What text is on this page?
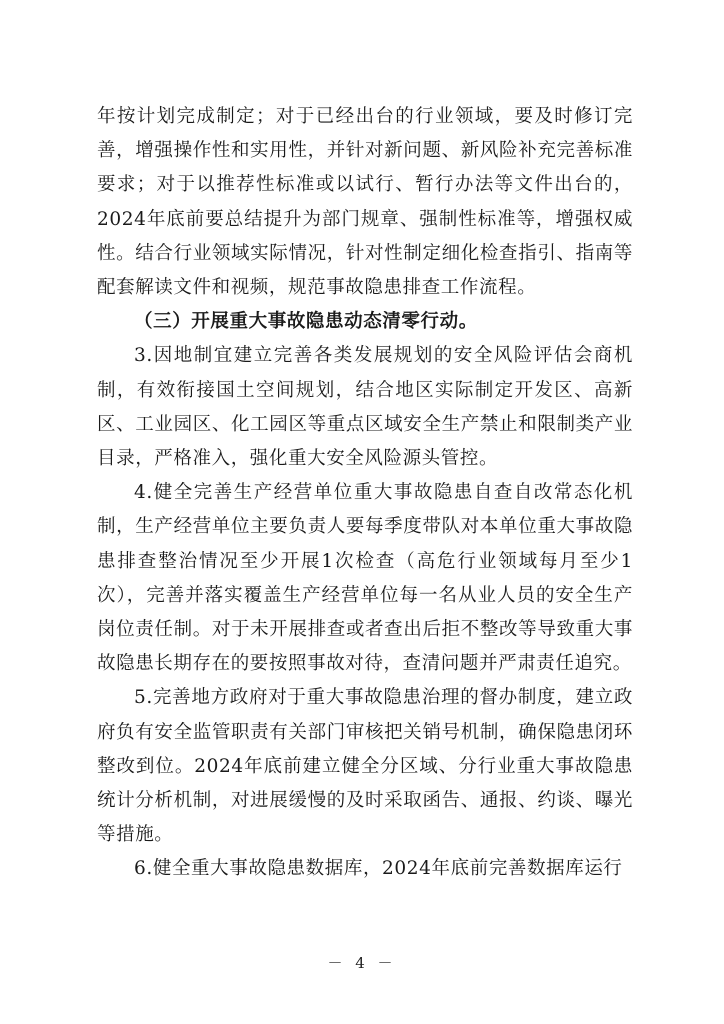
年按计划完成制定；对于已经出台的行业领域，要及时修订完善，增强操作性和实用性，并针对新问题、新风险补充完善标准要求；对于以推荐性标准或以试行、暂行办法等文件出台的，2024年底前要总结提升为部门规章、强制性标准等，增强权威性。结合行业领域实际情况，针对性制定细化检查指引、指南等配套解读文件和视频，规范事故隐患排查工作流程。

（三）开展重大事故隐患动态清零行动。

3.因地制宜建立完善各类发展规划的安全风险评估会商机制，有效衔接国土空间规划，结合地区实际制定开发区、高新区、工业园区、化工园区等重点区域安全生产禁止和限制类产业目录，严格准入，强化重大安全风险源头管控。

4.健全完善生产经营单位重大事故隐患自查自改常态化机制，生产经营单位主要负责人要每季度带队对本单位重大事故隐患排查整治情况至少开展1次检查（高危行业领域每月至少1次），完善并落实覆盖生产经营单位每一名从业人员的安全生产岗位责任制。对于未开展排查或者查出后拒不整改等导致重大事故隐患长期存在的要按照事故对待，查清问题并严肃责任追究。

5.完善地方政府对于重大事故隐患治理的督办制度，建立政府负有安全监管职责有关部门审核把关销号机制，确保隐患闭环整改到位。2024年底前建立健全分区域、分行业重大事故隐患统计分析机制，对进展缓慢的及时采取函告、通报、约谈、曝光等措施。

6.健全重大事故隐患数据库，2024年底前完善数据库运行

－ 4 －
